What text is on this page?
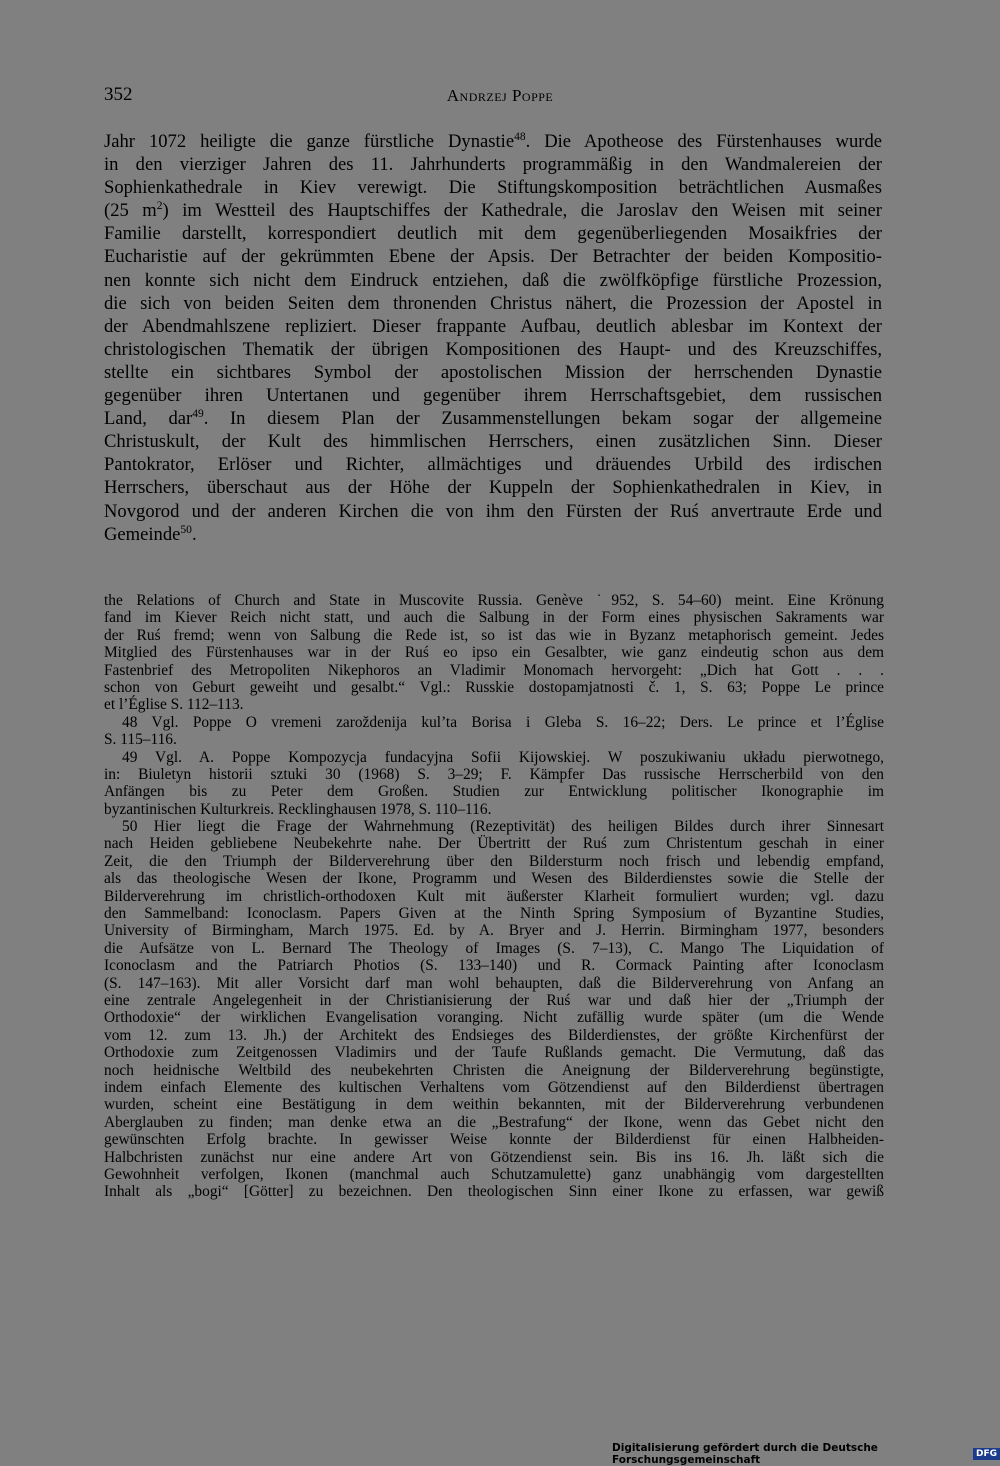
352	Andrzej Poppe
Jahr 1072 heiligte die ganze fürstliche Dynastie$^{48}$. Die Apotheose des Fürstenhauses wurde
in den vierziger Jahren des 11. Jahrhunderts programmäßig in den Wandmalereien der
Sophienkathedrale in Kiev verewigt. Die Stiftungskomposition beträchtlichen Ausmaßes
(25 $m^2$) im Westteil des Hauptschiffes der Kathedrale, die Jaroslav den Weisen mit seiner
Familie darstellt, korrespondiert deutlich mit dem gegenüberliegenden Mosaikfries der
Eucharistie auf der gekrümmten Ebene der Apsis. Der Betrachter der beiden Kompositio-
nen konnte sich nicht dem Eindruck entziehen, daß die zwölfköpfige fürstliche Prozession,
die sich von beiden Seiten dem thronenden Christus nähert, die Prozession der Apostel in
der Abendmahlszene repliziert. Dieser frappante Aufbau, deutlich ablesbar im Kontext der
christologischen Thematik der übrigen Kompositionen des Haupt- und des Kreuzschiffes,
stellte ein sichtbares Symbol der apostolischen Mission der herrschenden Dynastie
gegenüber ihren Untertanen und gegenüber ihrem Herrschaftsgebiet, dem russischen
Land, dar$^{49}$. In diesem Plan der Zusammenstellungen bekam sogar der allgemeine
Christuskult, der Kult des himmlischen Herrschers, einen zusätzlichen Sinn. Dieser
Pantokrator, Erlöser und Richter, allmächtiges und dräuendes Urbild des irdischen
Herrschers, überschaut aus der Höhe der Kuppeln der Sophienkathedralen in Kiev, in
Novgorod und der anderen Kirchen die von ihm den Fürsten der Ruś anvertraute Erde und
Gemeinde$^{50}$.
the Relations of Church and State in Muscovite Russia. Genève ˙952, S. 54–60) meint. Eine Krönung
fand im Kiever Reich nicht statt, und auch die Salbung in der Form eines physischen Sakraments war
der Ruś fremd; wenn von Salbung die Rede ist, so ist das wie in Byzanz metaphorisch gemeint. Jedes
Mitglied des Fürstenhauses war in der Ruś eo ipso ein Gesalbter, wie ganz eindeutig schon aus dem
Fastenbrief des Metropoliten Nikephoros an Vladimir Monomach hervorgeht: „Dich hat Gott . . .
schon von Geburt geweiht und gesalbt.“ Vgl.: Russkie dostopamjatnosti č. 1, S. 63; Poppe Le prince
et l’Église S. 112–113.
48 Vgl. Poppe O vremeni zaroždenija kul’ta Borisa i Gleba S. 16–22; Ders. Le prince et l’Église
S. 115–116.
49 Vgl. A. Poppe Kompozycja fundacyjna Sofii Kijowskiej. W poszukiwaniu układu pierwotnego,
in: Biuletyn historii sztuki 30 (1968) S. 3–29; F. Kämpfer Das russische Herrscherbild von den
Anfängen bis zu Peter dem Großen. Studien zur Entwicklung politischer Ikonographie im
byzantinischen Kulturkreis. Recklinghausen 1978, S. 110–116.
50 Hier liegt die Frage der Wahrnehmung (Rezeptivität) des heiligen Bildes durch ihrer Sinnesart
nach Heiden gebliebene Neubekehrte nahe. Der Übertritt der Ruś zum Christentum geschah in einer
Zeit, die den Triumph der Bilderverehrung über den Bildersturm noch frisch und lebendig empfand,
als das theologische Wesen der Ikone, Programm und Wesen des Bilderdienstes sowie die Stelle der
Bilderverehrung im christlich-orthodoxen Kult mit äußerster Klarheit formuliert wurden; vgl. dazu
den Sammelband: Iconoclasm. Papers Given at the Ninth Spring Symposium of Byzantine Studies,
University of Birmingham, March 1975. Ed. by A. Bryer and J. Herrin. Birmingham 1977, besonders
die Aufsätze von L. Bernard The Theology of Images (S. 7–13), C. Mango The Liquidation of
Iconoclasm and the Patriarch Photios (S. 133–140) und R. Cormack Painting after Iconoclasm
(S. 147–163). Mit aller Vorsicht darf man wohl behaupten, daß die Bilderverehrung von Anfang an
eine zentrale Angelegenheit in der Christianisierung der Ruś war und daß hier der „Triumph der
Orthodoxie“ der wirklichen Evangelisation voranging. Nicht zufällig wurde später (um die Wende
vom 12. zum 13. Jh.) der Architekt des Endsieges des Bilderdienstes, der größte Kirchenfürst der
Orthodoxie zum Zeitgenossen Vladimirs und der Taufe Rußlands gemacht. Die Vermutung, daß das
noch heidnische Weltbild des neubekehrten Christen die Aneignung der Bilderverehrung begünstigte,
indem einfach Elemente des kultischen Verhaltens vom Götzendienst auf den Bilderdienst übertragen
wurden, scheint eine Bestätigung in dem weithin bekannten, mit der Bilderverehrung verbundenen
Aberglauben zu finden; man denke etwa an die „Bestrafung“ der Ikone, wenn das Gebet nicht den
gewünschten Erfolg brachte. In gewisser Weise konnte der Bilderdienst für einen Halbheiden-
Halbchristen zunächst nur eine andere Art von Götzendienst sein. Bis ins 16. Jh. läßt sich die
Gewohnheit verfolgen, Ikonen (manchmal auch Schutzamulette) ganz unabhängig vom dargestellten
Inhalt als „bogi“ [Götter] zu bezeichnen. Den theologischen Sinn einer Ikone zu erfassen, war gewiß
Digitalisierung gefördert durch die Deutsche Forschungsgemeinschaft	DFG
